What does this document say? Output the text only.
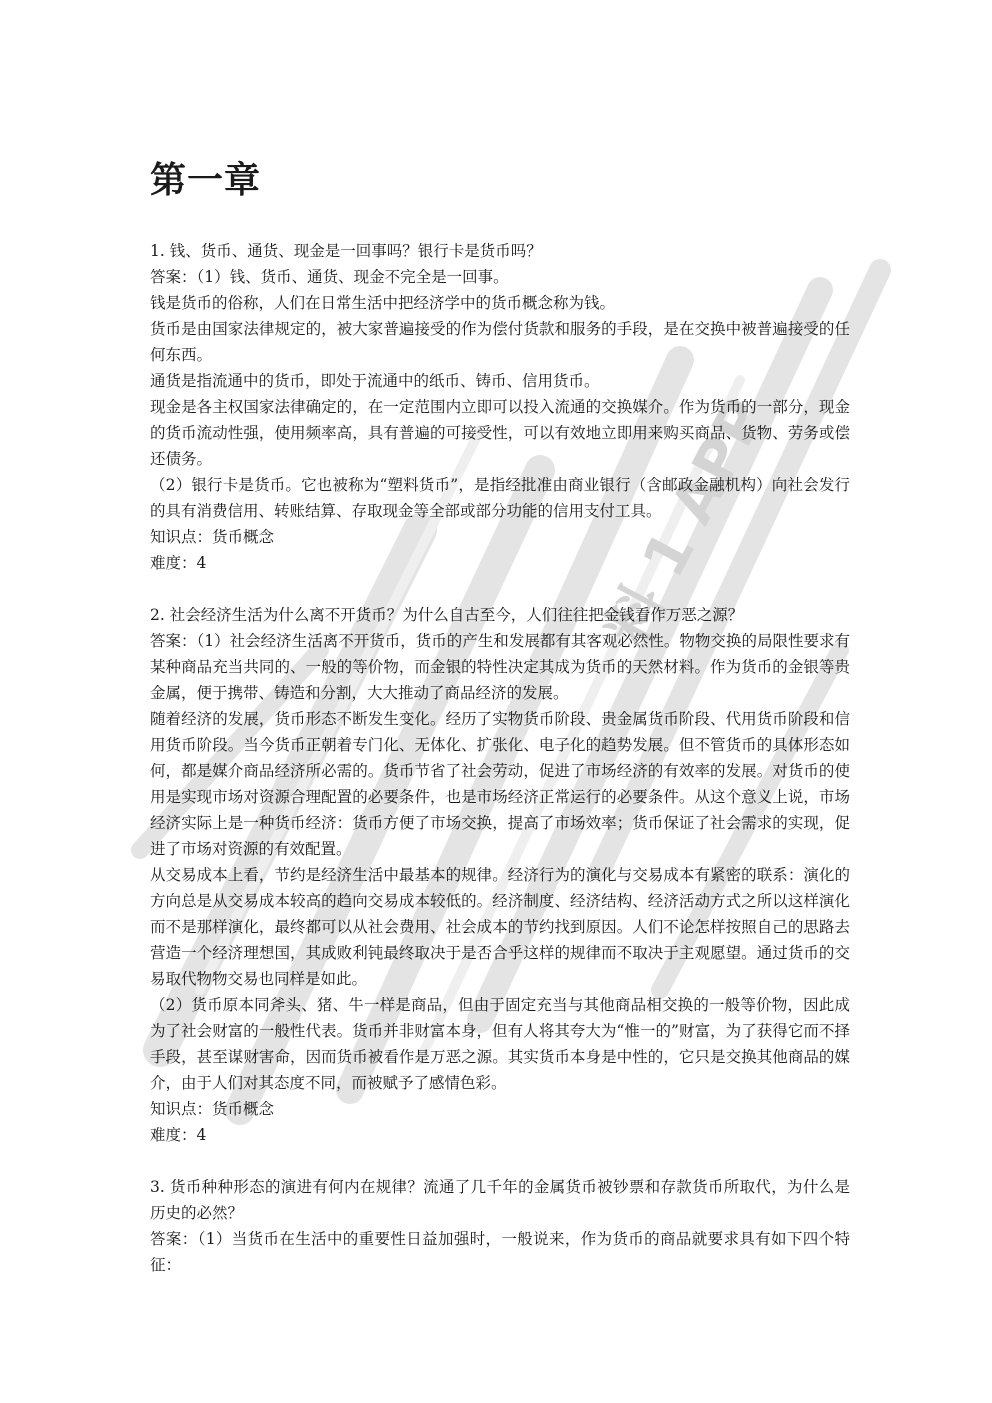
料 1 APP
第一章

1. 钱、货币、通货、现金是一回事吗？银行卡是货币吗？

答案：（1）钱、货币、通货、现金不完全是一回事。

钱是货币的俗称，人们在日常生活中把经济学中的货币概念称为钱。

货币是由国家法律规定的，被大家普遍接受的作为偿付货款和服务的手段，是在交换中被普遍接受的任何东西。

通货是指流通中的货币，即处于流通中的纸币、铸币、信用货币。

现金是各主权国家法律确定的，在一定范围内立即可以投入流通的交换媒介。作为货币的一部分，现金的货币流动性强，使用频率高，具有普遍的可接受性，可以有效地立即用来购买商品、货物、劳务或偿还债务。

（2）银行卡是货币。它也被称为“塑料货币”，是指经批准由商业银行（含邮政金融机构）向社会发行的具有消费信用、转账结算、存取现金等全部或部分功能的信用支付工具。

知识点：货币概念

难度：4

2. 社会经济生活为什么离不开货币？为什么自古至今，人们往往把金钱看作万恶之源？

答案：（1）社会经济生活离不开货币，货币的产生和发展都有其客观必然性。物物交换的局限性要求有某种商品充当共同的、一般的等价物，而金银的特性决定其成为货币的天然材料。作为货币的金银等贵金属，便于携带、铸造和分割，大大推动了商品经济的发展。

随着经济的发展，货币形态不断发生变化。经历了实物货币阶段、贵金属货币阶段、代用货币阶段和信用货币阶段。当今货币正朝着专门化、无体化、扩张化、电子化的趋势发展。但不管货币的具体形态如何，都是媒介商品经济所必需的。货币节省了社会劳动，促进了市场经济的有效率的发展。对货币的使用是实现市场对资源合理配置的必要条件，也是市场经济正常运行的必要条件。从这个意义上说，市场经济实际上是一种货币经济：货币方便了市场交换，提高了市场效率；货币保证了社会需求的实现，促进了市场对资源的有效配置。

从交易成本上看，节约是经济生活中最基本的规律。经济行为的演化与交易成本有紧密的联系：演化的方向总是从交易成本较高的趋向交易成本较低的。经济制度、经济结构、经济活动方式之所以这样演化而不是那样演化，最终都可以从社会费用、社会成本的节约找到原因。人们不论怎样按照自己的思路去营造一个经济理想国，其成败利钝最终取决于是否合乎这样的规律而不取决于主观愿望。通过货币的交易取代物物交易也同样是如此。

（2）货币原本同斧头、猪、牛一样是商品，但由于固定充当与其他商品相交换的一般等价物，因此成为了社会财富的一般性代表。货币并非财富本身，但有人将其夸大为“惟一的”财富，为了获得它而不择手段，甚至谋财害命，因而货币被看作是万恶之源。其实货币本身是中性的，它只是交换其他商品的媒介，由于人们对其态度不同，而被赋予了感情色彩。

知识点：货币概念

难度：4

3. 货币种种形态的演进有何内在规律？流通了几千年的金属货币被钞票和存款货币所取代，为什么是历史的必然？

答案：（1）当货币在生活中的重要性日益加强时，一般说来，作为货币的商品就要求具有如下四个特征：
